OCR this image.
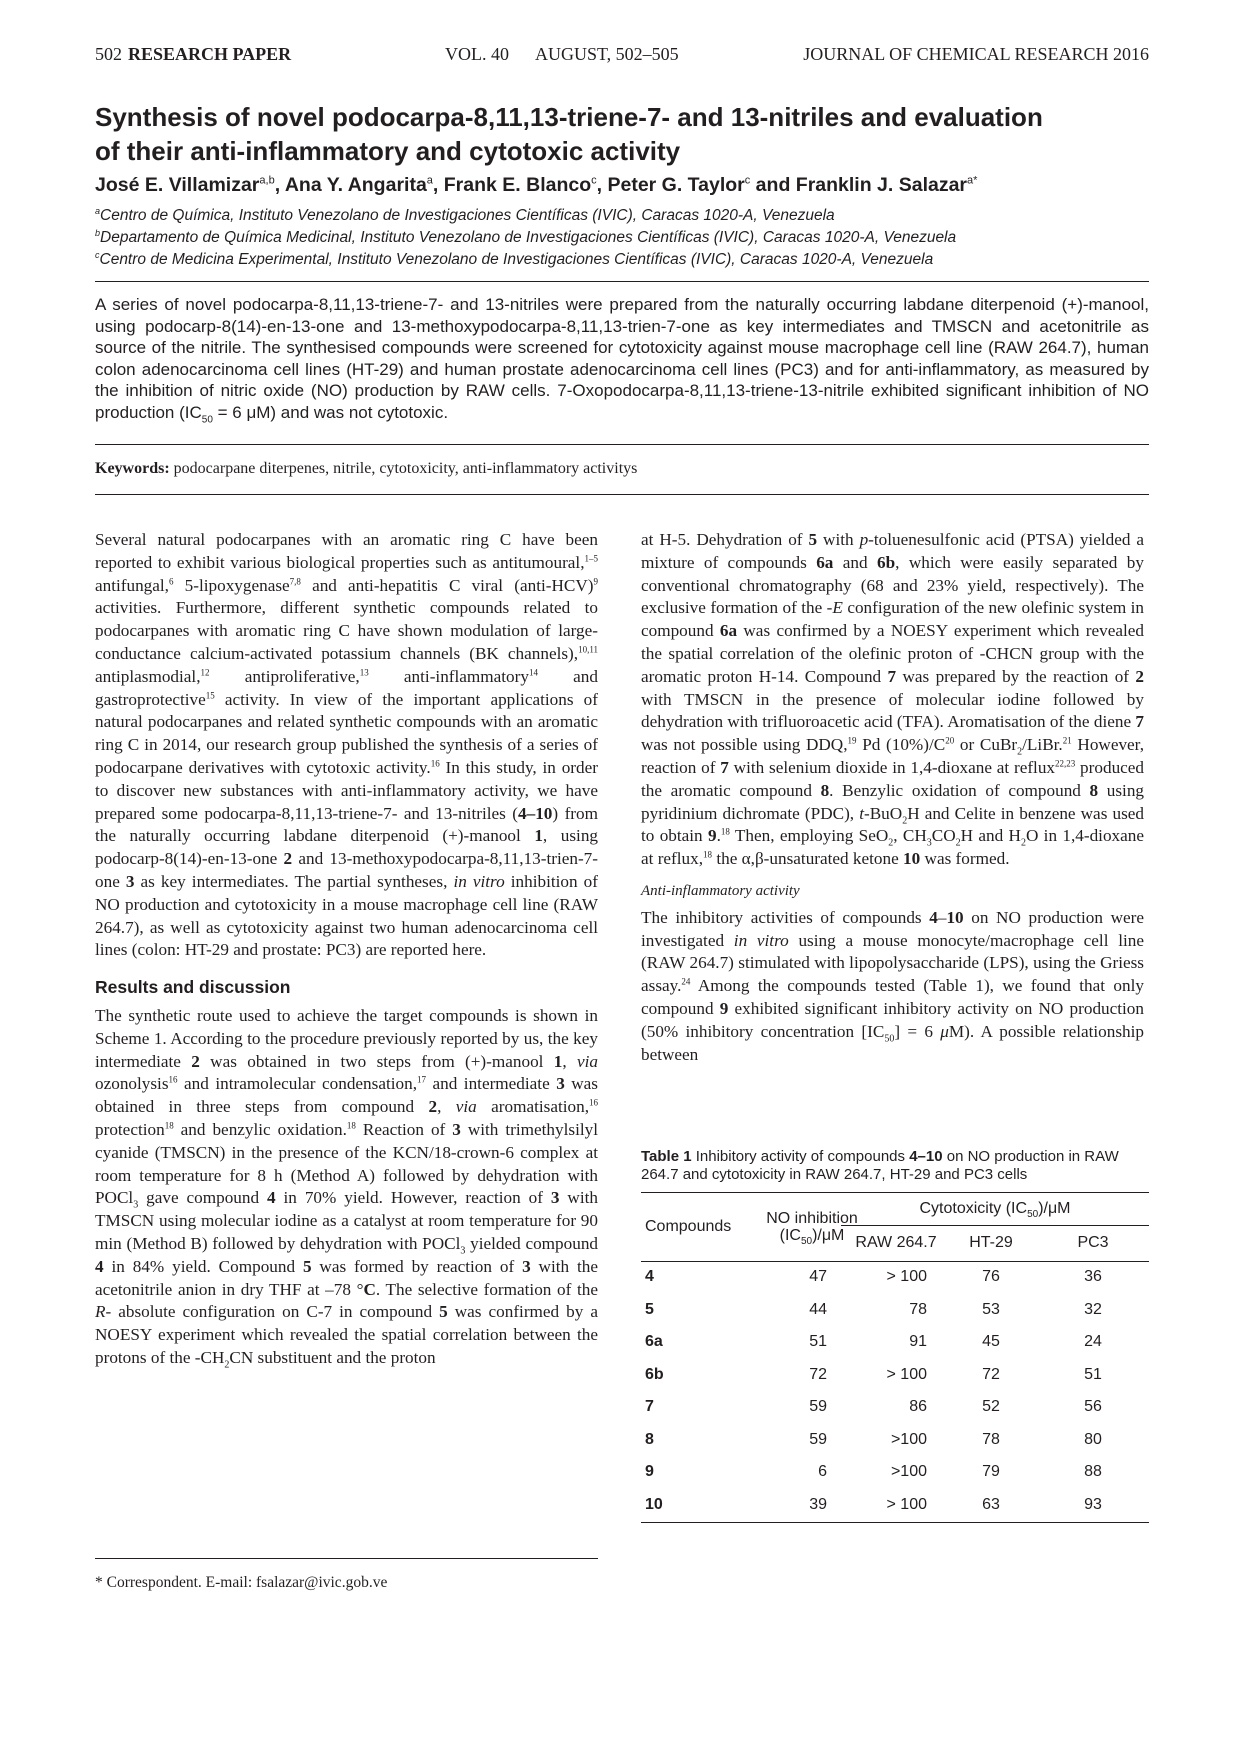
502 RESEARCH PAPER	VOL. 40 AUGUST, 502–505	JOURNAL OF CHEMICAL RESEARCH 2016
Synthesis of novel podocarpa-8,11,13-triene-7- and 13-nitriles and evaluation
of their anti-inflammatory and cytotoxic activity
José E. Villamizar$^{a,b}$, Ana Y. Angarita$^a$, Frank E. Blanco$^c$, Peter G. Taylor$^c$ and Franklin J. Salazar$^{a*}$
$^a$Centro de Química, Instituto Venezolano de Investigaciones Científicas (IVIC), Caracas 1020-A, Venezuela
$^b$Departamento de Química Medicinal, Instituto Venezolano de Investigaciones Científicas (IVIC), Caracas 1020-A, Venezuela
$^c$Centro de Medicina Experimental, Instituto Venezolano de Investigaciones Científicas (IVIC), Caracas 1020-A, Venezuela

A series of novel podocarpa-8,11,13-triene-7- and 13-nitriles were prepared from the naturally occurring labdane diterpenoid (+)-manool, using podocarp-8(14)-en-13-one and 13-methoxypodocarpa-8,11,13-trien-7-one as key intermediates and TMSCN and acetonitrile as source of the nitrile. The synthesised compounds were screened for cytotoxicity against mouse macrophage cell line (RAW 264.7), human colon adenocarcinoma cell lines (HT-29) and human prostate adenocarcinoma cell lines (PC3) and for anti-inflammatory, as measured by the inhibition of nitric oxide (NO) production by RAW cells. 7-Oxopodocarpa-8,11,13-triene-13-nitrile exhibited significant inhibition of NO production ($IC_{50} = 6$ μM) and was not cytotoxic.

Keywords: podocarpane diterpenes, nitrile, cytotoxicity, anti-inflammatory activitys
Several natural podocarpanes with an aromatic ring C have been reported to exhibit various biological properties such as antitumoural,$^{1-5}$ antifungal,$^6$ 5-lipoxygenase$^{7,8}$ and anti-hepatitis C viral (anti-HCV)$^9$ activities. Furthermore, different synthetic compounds related to podocarpanes with aromatic ring C have shown modulation of large-conductance calcium-activated potassium channels (BK channels),$^{10,11}$ antiplasmodial,$^{12}$ antiproliferative,$^{13}$ anti-inflammatory$^{14}$ and gastroprotective$^{15}$ activity. In view of the important applications of natural podocarpanes and related synthetic compounds with an aromatic ring C in 2014, our research group published the synthesis of a series of podocarpane derivatives with cytotoxic activity.$^{16}$ In this study, in order to discover new substances with anti-inflammatory activity, we have prepared some podocarpa-8,11,13-triene-7- and 13-nitriles (4–10) from the naturally occurring labdane diterpenoid (+)-manool 1, using podocarp-8(14)-en-13-one 2 and 13-methoxypodocarpa-8,11,13-trien-7-one 3 as key intermediates. The partial syntheses, in vitro inhibition of NO production and cytotoxicity in a mouse macrophage cell line (RAW 264.7), as well as cytotoxicity against two human adenocarcinoma cell lines (colon: HT-29 and prostate: PC3) are reported here.
Results and discussion
The synthetic route used to achieve the target compounds is shown in Scheme 1. According to the procedure previously reported by us, the key intermediate 2 was obtained in two steps from (+)-manool 1, via ozonolysis$^{16}$ and intramolecular condensation,$^{17}$ and intermediate 3 was obtained in three steps from compound 2, via aromatisation,$^{16}$ protection$^{18}$ and benzylic oxidation.$^{18}$ Reaction of 3 with trimethylsilyl cyanide (TMSCN) in the presence of the KCN/18-crown-6 complex at room temperature for 8 h (Method A) followed by dehydration with POCl$_3$ gave compound 4 in 70% yield. However, reaction of 3 with TMSCN using molecular iodine as a catalyst at room temperature for 90 min (Method B) followed by dehydration with POCl$_3$ yielded compound 4 in 84% yield. Compound 5 was formed by reaction of 3 with the acetonitrile anion in dry THF at –78 °C. The selective formation of the R- absolute configuration on C-7 in compound 5 was confirmed by a NOESY experiment which revealed the spatial correlation between the protons of the $-CH_2CN$ substituent and the proton
at H-5. Dehydration of 5 with p-toluenesulfonic acid (PTSA) yielded a mixture of compounds 6a and 6b, which were easily separated by conventional chromatography (68 and 23% yield, respectively). The exclusive formation of the -E configuration of the new olefinic system in compound 6a was confirmed by a NOESY experiment which revealed the spatial correlation of the olefinic proton of -CHCN group with the aromatic proton H-14. Compound 7 was prepared by the reaction of 2 with TMSCN in the presence of molecular iodine followed by dehydration with trifluoroacetic acid (TFA). Aromatisation of the diene 7 was not possible using DDQ,$^{19}$ Pd $(10\%)/C^{20}$ or CuBr$_2$/LiBr.$^{21}$ However, reaction of 7 with selenium dioxide in 1,4-dioxane at reflux$^{22,23}$ produced the aromatic compound 8. Benzylic oxidation of compound 8 using pyridinium dichromate (PDC), t-BuO$_2$H and Celite in benzene was used to obtain 9.18 Then, employing SeO$_2$, $CH_3CO_2H$ and $H_2O$ in 1,4-dioxane at reflux,$^{18}$ the α,β-unsaturated ketone 10 was formed.
Anti-inflammatory activity
The inhibitory activities of compounds 4–10 on NO production were investigated in vitro using a mouse monocyte/macrophage cell line (RAW 264.7) stimulated with lipopolysaccharide (LPS), using the Griess assay.$^{24}$ Among the compounds tested (Table 1), we found that only compound 9 exhibited significant inhibitory activity on NO production (50% inhibitory concentration $[IC_{50}] = 6$ μM). A possible relationship between

Table 1 Inhibitory activity of compounds 4–10 on NO production in RAW 264.7 and cytotoxicity in RAW 264.7, HT-29 and PC3 cells

Compounds	NO inhibition
$(IC_{50})/\mu M$
Cytotoxicity $(IC_{50})/\mu M$
RAW 264.7	HT-29	PC3
4	47	> 100	76	36
5	44	78	53	32
6a	51	91	45	24
6b	72	> 100	72	51
7	59	86	52	56
8	59	>100	78	80
9	6	>100	79	88
10	39	> 100	63	93
* Correspondent. E-mail: fsalazar@ivic.gob.ve
